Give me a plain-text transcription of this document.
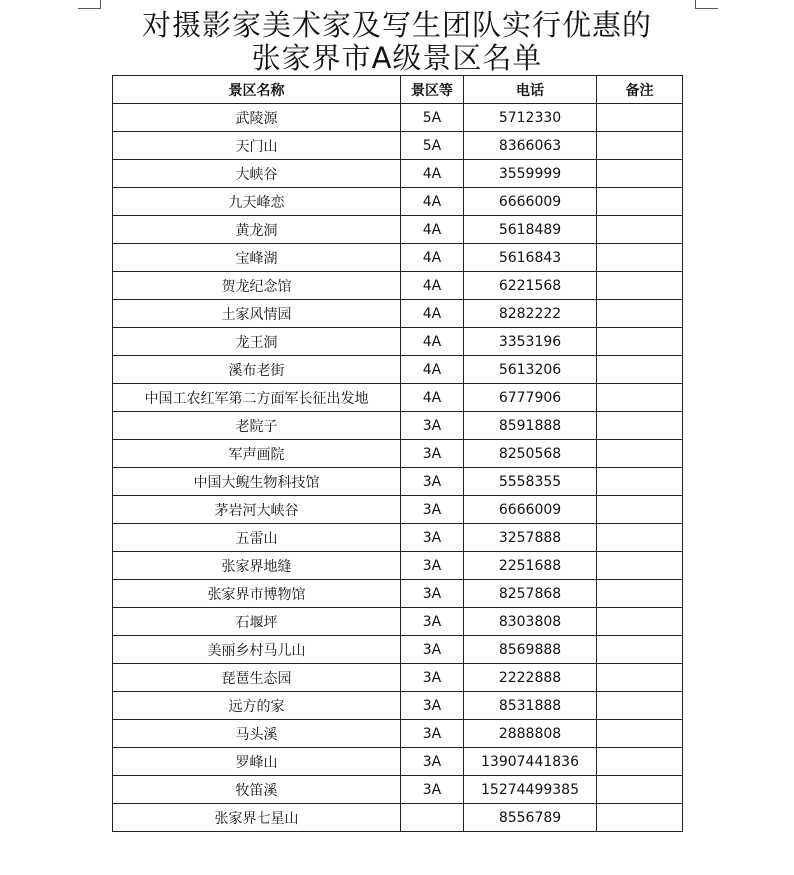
对摄影家美术家及写生团队实行优惠的
张家界市A级景区名单
景区名称	景区等	电话	备注
武陵源	5A	5712330	
天门山	5A	8366063	
大峡谷	4A	3559999	
九天峰恋	4A	6666009	
黄龙洞	4A	5618489	
宝峰湖	4A	5616843	
贺龙纪念馆	4A	6221568	
土家风情园	4A	8282222	
龙王洞	4A	3353196	
溪布老街	4A	5613206	
中国工农红军第二方面军长征出发地	4A	6777906	
老院子	3A	8591888	
军声画院	3A	8250568	
中国大鲵生物科技馆	3A	5558355	
茅岩河大峡谷	3A	6666009	
五雷山	3A	3257888	
张家界地缝	3A	2251688	
张家界市博物馆	3A	8257868	
石堰坪	3A	8303808	
美丽乡村马儿山	3A	8569888	
琵琶生态园	3A	2222888	
远方的家	3A	8531888	
马头溪	3A	2888808	
罗峰山	3A	13907441836	
牧笛溪	3A	15274499385	
张家界七星山		8556789	
